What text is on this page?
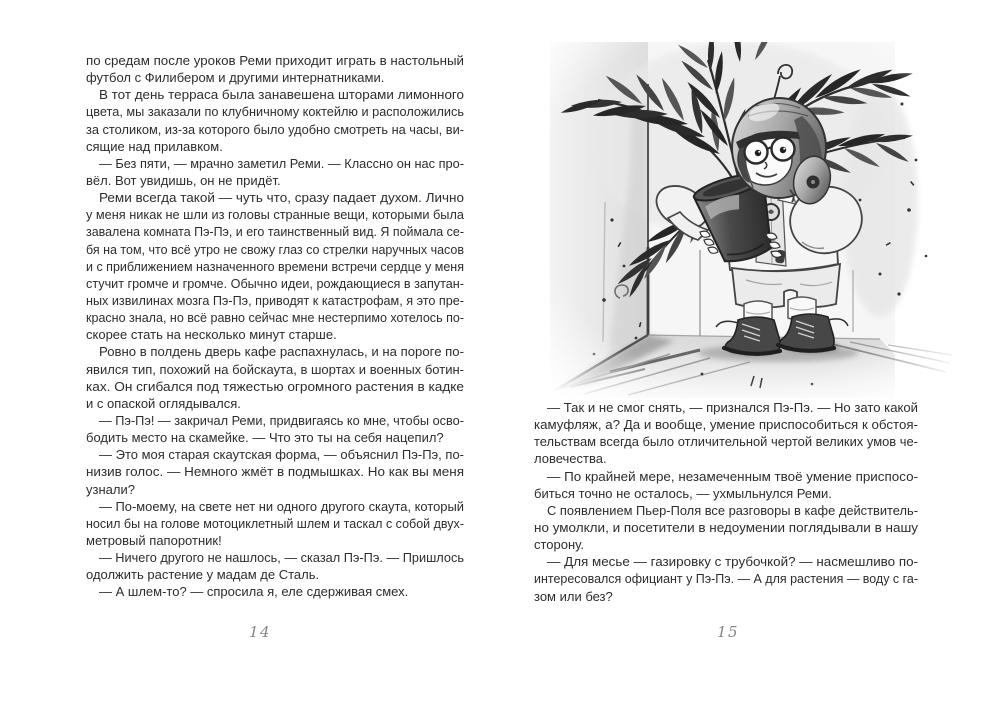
по средам после уроков Реми приходит играть в настольный
футбол с Филибером и другими интернатниками.
В тот день терраса была занавешена шторами лимонного
цвета, мы заказали по клубничному коктейлю и расположились
за столиком, из-за которого было удобно смотреть на часы, ви-
сящие над прилавком.
— Без пяти, — мрачно заметил Реми. — Классно он нас про-
вёл. Вот увидишь, он не придёт.
Реми всегда такой — чуть что, сразу падает духом. Лично
у меня никак не шли из головы странные вещи, которыми была
завалена комната Пэ-Пэ, и его таинственный вид. Я поймала се-
бя на том, что всё утро не свожу глаз со стрелки наручных часов
и с приближением назначенного времени встречи сердце у меня
стучит громче и громче. Обычно идеи, рождающиеся в запутан-
ных извилинах мозга Пэ-Пэ, приводят к катастрофам, я это пре-
красно знала, но всё равно сейчас мне нестерпимо хотелось по-
скорее стать на несколько минут старше.
Ровно в полдень дверь кафе распахнулась, и на пороге по-
явился тип, похожий на бойскаута, в шортах и военных ботин-
ках. Он сгибался под тяжестью огромного растения в кадке
и с опаской оглядывался.
— Пэ-Пэ! — закричал Реми, придвигаясь ко мне, чтобы осво-
бодить место на скамейке. — Что это ты на себя нацепил?
— Это моя старая скаутская форма, — объяснил Пэ-Пэ, по-
низив голос. — Немного жмёт в подмышках. Но как вы меня
узнали?
— По-моему, на свете нет ни одного другого скаута, который
носил бы на голове мотоциклетный шлем и таскал с собой двух-
метровый папоротник!
— Ничего другого не нашлось, — сказал Пэ-Пэ. — Пришлось
одолжить растение у мадам де Сталь.
— А шлем-то? — спросила я, еле сдерживая смех.
14
— Так и не смог снять, — признался Пэ-Пэ. — Но зато какой
камуфляж, а? Да и вообще, умение приспособиться к обстоя-
тельствам всегда было отличительной чертой великих умов че-
ловечества.
— По крайней мере, незамеченным твоё умение приспосо-
биться точно не осталось, — ухмыльнулся Реми.
С появлением Пьер-Поля все разговоры в кафе действитель-
но умолкли, и посетители в недоумении поглядывали в нашу
сторону.
— Для месье — газировку с трубочкой? — насмешливо по-
интересовался официант у Пэ-Пэ. — А для растения — воду с га-
зом или без?
15
